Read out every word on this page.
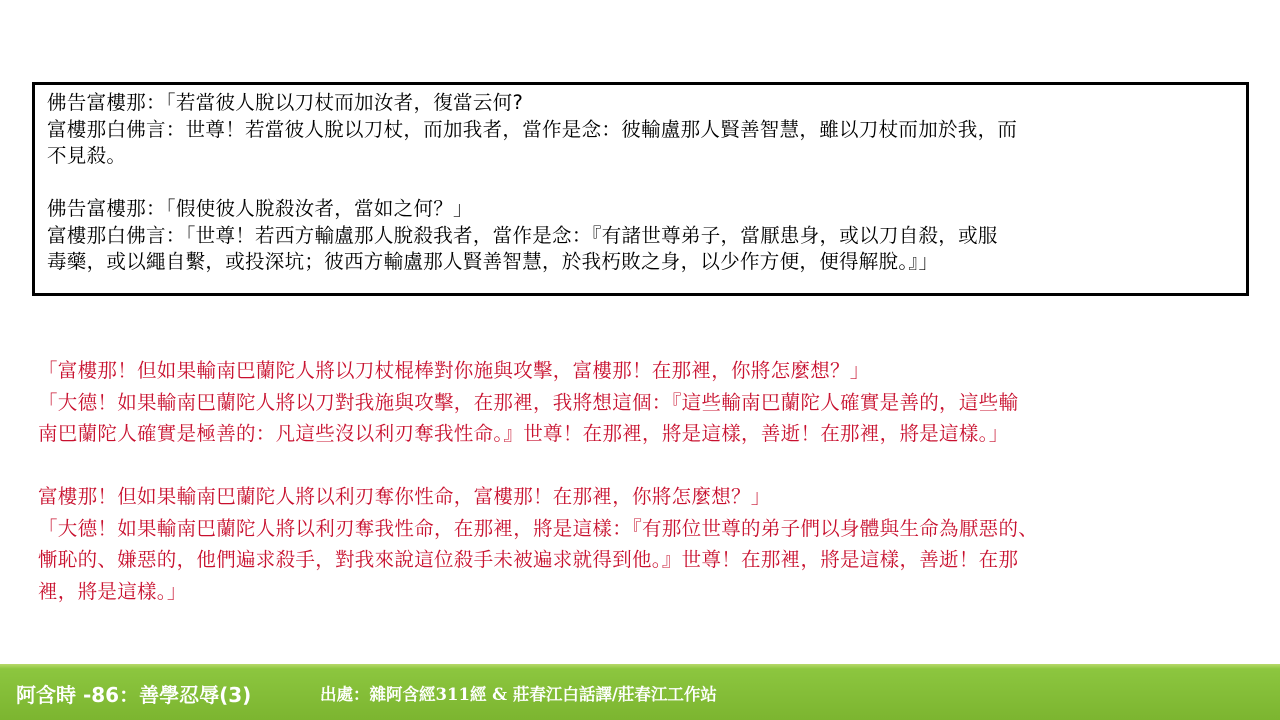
佛告富樓那：「若當彼人脫以刀杖而加汝者，復當云何?
富樓那白佛言：世尊！若當彼人脫以刀杖，而加我者，當作是念：彼輸盧那人賢善智慧，雖以刀杖而加於我，而
不見殺。
佛告富樓那：「假使彼人脫殺汝者，當如之何？」
富樓那白佛言：「世尊！若西方輸盧那人脫殺我者，當作是念：『有諸世尊弟子，當厭患身，或以刀自殺，或服
毒藥，或以繩自繫，或投深坑；彼西方輸盧那人賢善智慧，於我朽敗之身，以少作方便，便得解脫。』」
「富樓那！但如果輸南巴蘭陀人將以刀杖棍棒對你施與攻擊，富樓那！在那裡，你將怎麼想？」
「大德！如果輸南巴蘭陀人將以刀對我施與攻擊，在那裡，我將想這個：『這些輸南巴蘭陀人確實是善的，這些輸
南巴蘭陀人確實是極善的：凡這些沒以利刃奪我性命。』世尊！在那裡，將是這樣，善逝！在那裡，將是這樣。」
富樓那！但如果輸南巴蘭陀人將以利刃奪你性命，富樓那！在那裡，你將怎麼想？」
「大德！如果輸南巴蘭陀人將以利刃奪我性命，在那裡，將是這樣：『有那位世尊的弟子們以身體與生命為厭惡的、
慚恥的、嫌惡的，他們遍求殺手，對我來說這位殺手未被遍求就得到他。』世尊！在那裡，將是這樣，善逝！在那
裡，將是這樣。」
阿含時 -86：善學忍辱(3)	出處：雜阿含經311經 & 莊春江白話譯/莊春江工作站
